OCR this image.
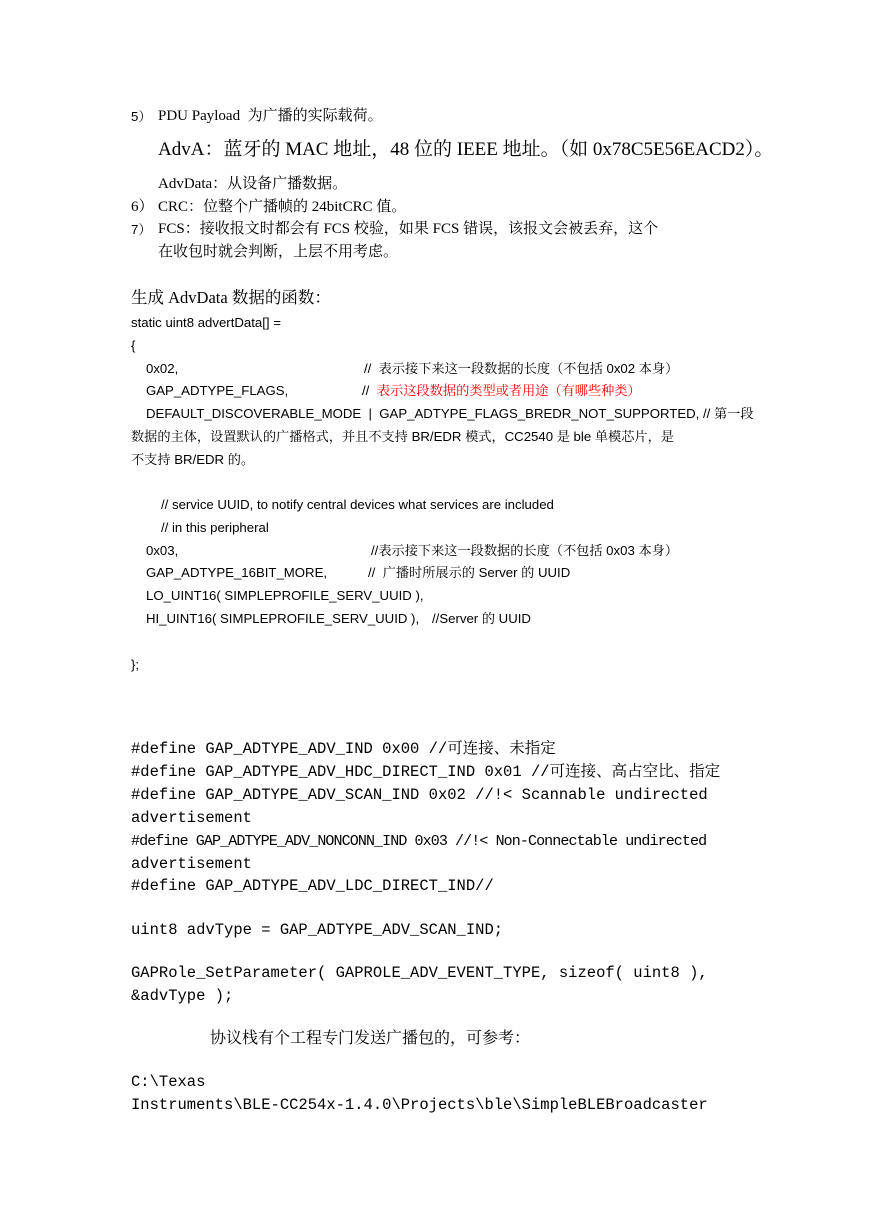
5） PDU Payload  为广播的实际载荷。
AdvA：蓝牙的 MAC 地址，48 位的 IEEE 地址。（如 0x78C5E56EACD2）。
AdvData：从设备广播数据。
6） CRC：位整个广播帧的 24bitCRC 值。
7） FCS：接收报文时都会有 FCS 校验，如果 FCS 错误，该报文会被丢弃，这个
在收包时就会判断，上层不用考虑。
生成 AdvData 数据的函数：
static uint8 advertData[] =
{
0x02,	//  表示接下来这一段数据的长度（不包括 0x02 本身）
GAP_ADTYPE_FLAGS,	// 表示这段数据的类型或者用途（有哪些种类）
DEFAULT_DISCOVERABLE_MODE  |  GAP_ADTYPE_FLAGS_BREDR_NOT_SUPPORTED, // 第一段
数据的主体，设置默认的广播格式，并且不支持 BR/EDR 模式，CC2540 是 ble 单模芯片，是
不支持 BR/EDR 的。
// service UUID, to notify central devices what services are included
// in this peripheral
0x03,	//表示接下来这一段数据的长度（不包括 0x03 本身）
GAP_ADTYPE_16BIT_MORE,	//  广播时所展示的 Server 的 UUID
LO_UINT16( SIMPLEPROFILE_SERV_UUID ),
HI_UINT16( SIMPLEPROFILE_SERV_UUID ), //Server 的 UUID
};
#define GAP_ADTYPE_ADV_IND 0x00 //可连接、未指定
#define GAP_ADTYPE_ADV_HDC_DIRECT_IND 0x01 //可连接、高占空比、指定
#define GAP_ADTYPE_ADV_SCAN_IND 0x02 //!< Scannable undirected
advertisement
#define GAP_ADTYPE_ADV_NONCONN_IND 0x03 //!< Non-Connectable undirected
advertisement
#define GAP_ADTYPE_ADV_LDC_DIRECT_IND//
uint8 advType = GAP_ADTYPE_ADV_SCAN_IND;
GAPRole_SetParameter( GAPROLE_ADV_EVENT_TYPE, sizeof( uint8 ),
&advType );
协议栈有个工程专门发送广播包的，可参考：
C:\Texas
Instruments\BLE-CC254x-1.4.0\Projects\ble\SimpleBLEBroadcaster
